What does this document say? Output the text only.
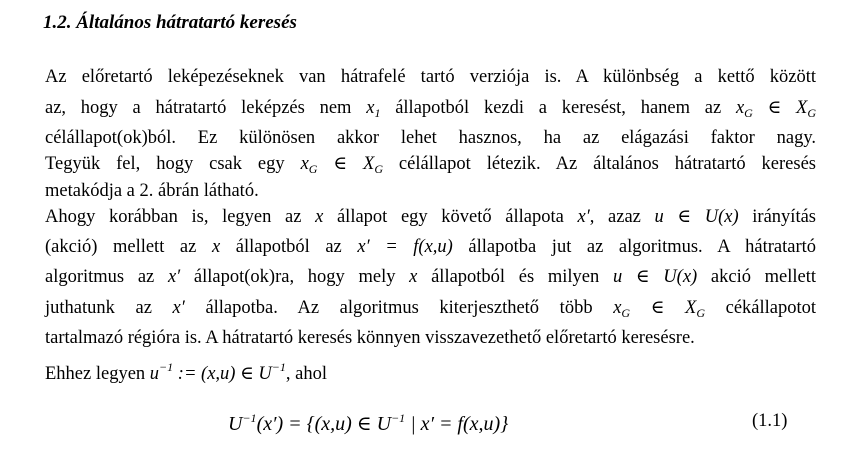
1.2. Általános hátratartó keresés
Az előretartó leképezéseknek van hátrafelé tartó verziója is. A különbség a kettő között
az, hogy a hátratartó leképzés nem $x_1$ állapotból kezdi a keresést, hanem az $x_G$ ∈ $X_G$
célállapot(ok)ból. Ez különösen akkor lehet hasznos, ha az elágazási faktor nagy.
Tegyük fel, hogy csak egy $x_G$ ∈ $X_G$ célállapot létezik. Az általános hátratartó keresés
metakódja a 2. ábrán látható.
Ahogy korábban is, legyen az x állapot egy követő állapota x′, azaz u ∈ U(x) irányítás
(akció) mellett az x állapotból az x′ = f(x,u) állapotba jut az algoritmus. A hátratartó
algoritmus az x′ állapot(ok)ra, hogy mely x állapotból és milyen u ∈ U(x) akció mellett
juthatunk az x′ állapotba. Az algoritmus kiterjeszthető több $x_G$ ∈ $X_G$ cékállapotot
tartalmazó régióra is. A hátratartó keresés könnyen visszavezethető előretartó keresésre.
Ehhez legyen $u^{-1}$ := (x,u) ∈ $U^{-1}$, ahol
$U^{-1}(x') = \{(x,u)$ ∈ $U^{-1}$ | x′ = f(x,u)}	(1.1)
